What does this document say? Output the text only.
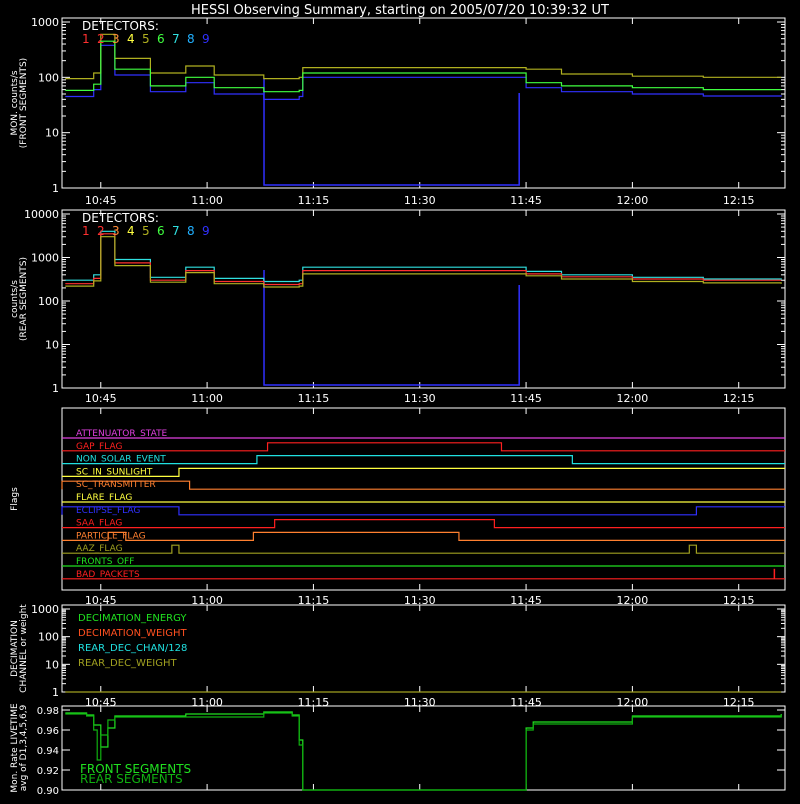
HESSI Observing Summary, starting on 2005/07/20 10:39:32 UT
MON. counts/s (FRONT SEGMENTS)
10:45	11:00	11:15	11:30	11:45	12:00	12:15
1
10
100
1000 DETECTORS:
1 2 3 4 5 6 7 8 9
counts/s (REAR SEGMENTS)
10:45	11:00	11:15	11:30	11:45	12:00	12:15
1
10
100
1000
10000 DETECTORS:
1 2 3 4 5 6 7 8 9
Flags
10:45	11:00	11:15	11:30	11:45	12:00	12:15
ATTENUATOR_STATE
GAP_FLAG
NON_SOLAR_EVENT
SC_IN_SUNLIGHT
SC_TRANSMITTER
FLARE_FLAG
ECLIPSE_FLAG
SAA_FLAG
PARTICLE_FLAG
AAZ_FLAG
FRONTS_OFF
BAD_PACKETS
DECIMATION CHANNEL or weight
10:45	11:00	11:15	11:30	11:45	12:00	12:15
1
10
100
1000
DECIMATION_ENERGY
DECIMATION_WEIGHT
REAR_DEC_CHAN/128
REAR_DEC_WEIGHT
Mon. Rate LIVETIME avg of D1,3,4,5,6,9
0.90
0.92
0.94
0.96
0.98
FRONT SEGMENTS
REAR SEGMENTS
